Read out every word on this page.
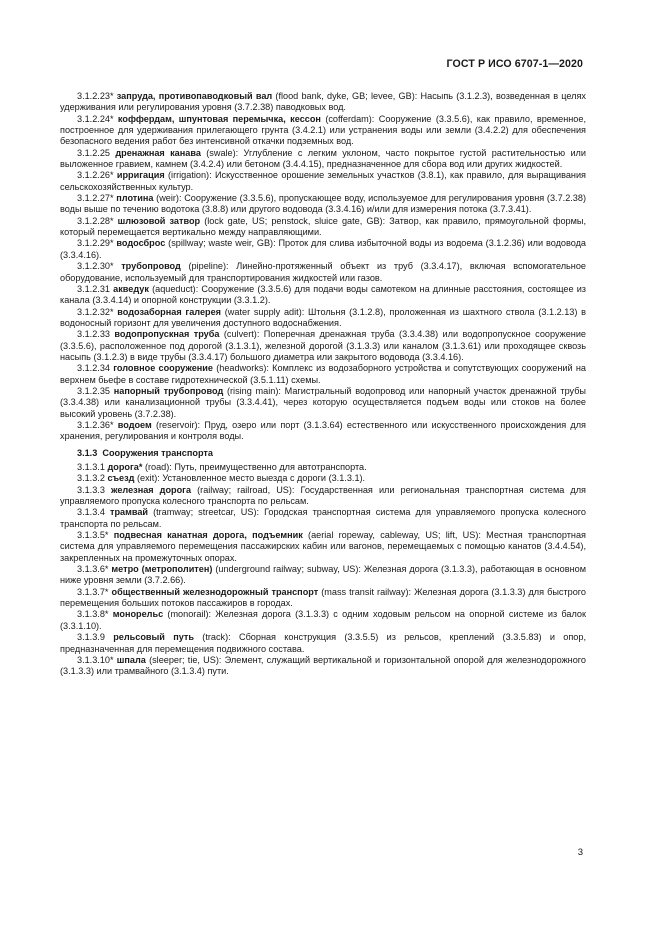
ГОСТ Р ИСО 6707-1—2020

3.1.2.23* запруда, противопаводковый вал (flood bank, dyke, GB; levee, GB): Насыпь (3.1.2.3), возведенная в целях удерживания или регулирования уровня (3.7.2.38) паводковых вод.

3.1.2.24* коффердам, шпунтовая перемычка, кессон (cofferdam): Сооружение (3.3.5.6), как правило, временное, построенное для удерживания прилегающего грунта (3.4.2.1) или устранения воды или земли (3.4.2.2) для обеспечения безопасного ведения работ без интенсивной откачки подземных вод.

3.1.2.25 дренажная канава (swale): Углубление с легким уклоном, часто покрытое густой растительностью или выложенное гравием, камнем (3.4.2.4) или бетоном (3.4.4.15), предназначенное для сбора вод или других жидкостей.

3.1.2.26* ирригация (irrigation): Искусственное орошение земельных участков (3.8.1), как правило, для выращивания сельскохозяйственных культур.

3.1.2.27* плотина (weir): Сооружение (3.3.5.6), пропускающее воду, используемое для регулирования уровня (3.7.2.38) воды выше по течению водотока (3.8.8) или другого водовода (3.3.4.16) и/или для измерения потока (3.7.3.41).

3.1.2.28* шлюзовой затвор (lock gate, US; penstock, sluice gate, GB): Затвор, как правило, прямоугольной формы, который перемещается вертикально между направляющими.

3.1.2.29* водосброс (spillway; waste weir, GB): Проток для слива избыточной воды из водоема (3.1.2.36) или водовода (3.3.4.16).

3.1.2.30* трубопровод (pipeline): Линейно-протяженный объект из труб (3.3.4.17), включая вспомогательное оборудование, используемый для транспортирования жидкостей или газов.

3.1.2.31 акведук (aqueduct): Сооружение (3.3.5.6) для подачи воды самотеком на длинные расстояния, состоящее из канала (3.3.4.14) и опорной конструкции (3.3.1.2).

3.1.2.32* водозаборная галерея (water supply adit): Штольня (3.1.2.8), проложенная из шахтного ствола (3.1.2.13) в водоносный горизонт для увеличения доступного водоснабжения.

3.1.2.33 водопропускная труба (culvert): Поперечная дренажная труба (3.3.4.38) или водопропускное сооружение (3.3.5.6), расположенное под дорогой (3.1.3.1), железной дорогой (3.1.3.3) или каналом (3.1.3.61) или проходящее сквозь насыпь (3.1.2.3) в виде трубы (3.3.4.17) большого диаметра или закрытого водовода (3.3.4.16).

3.1.2.34 головное сооружение (headworks): Комплекс из водозаборного устройства и сопутствующих сооружений на верхнем бьефе в составе гидротехнической (3.5.1.11) схемы.

3.1.2.35 напорный трубопровод (rising main): Магистральный водопровод или напорный участок дренажной трубы (3.3.4.38) или канализационной трубы (3.3.4.41), через которую осуществляется подъем воды или стоков на более высокий уровень (3.7.2.38).

3.1.2.36* водоем (reservoir): Пруд, озеро или порт (3.1.3.64) естественного или искусственного происхождения для хранения, регулирования и контроля воды.

3.1.3 Сооружения транспорта

3.1.3.1 дорога* (road): Путь, преимущественно для автотранспорта.

3.1.3.2 съезд (exit): Установленное место выезда с дороги (3.1.3.1).

3.1.3.3 железная дорога (railway; railroad, US): Государственная или региональная транспортная система для управляемого пропуска колесного транспорта по рельсам.

3.1.3.4 трамвай (tramway; streetcar, US): Городская транспортная система для управляемого пропуска колесного транспорта по рельсам.

3.1.3.5* подвесная канатная дорога, подъемник (aerial ropeway, cableway, US; lift, US): Местная транспортная система для управляемого перемещения пассажирских кабин или вагонов, перемещаемых с помощью канатов (3.4.4.54), закрепленных на промежуточных опорах.

3.1.3.6* метро (метрополитен) (underground railway; subway, US): Железная дорога (3.1.3.3), работающая в основном ниже уровня земли (3.7.2.66).

3.1.3.7* общественный железнодорожный транспорт (mass transit railway): Железная дорога (3.1.3.3) для быстрого перемещения больших потоков пассажиров в городах.

3.1.3.8* монорельс (monorail): Железная дорога (3.1.3.3) с одним ходовым рельсом на опорной системе из балок (3.3.1.10).

3.1.3.9 рельсовый путь (track): Сборная конструкция (3.3.5.5) из рельсов, креплений (3.3.5.83) и опор, предназначенная для перемещения подвижного состава.

3.1.3.10* шпала (sleeper; tie, US): Элемент, служащий вертикальной и горизонтальной опорой для железнодорожного (3.1.3.3) или трамвайного (3.1.3.4) пути.

3
